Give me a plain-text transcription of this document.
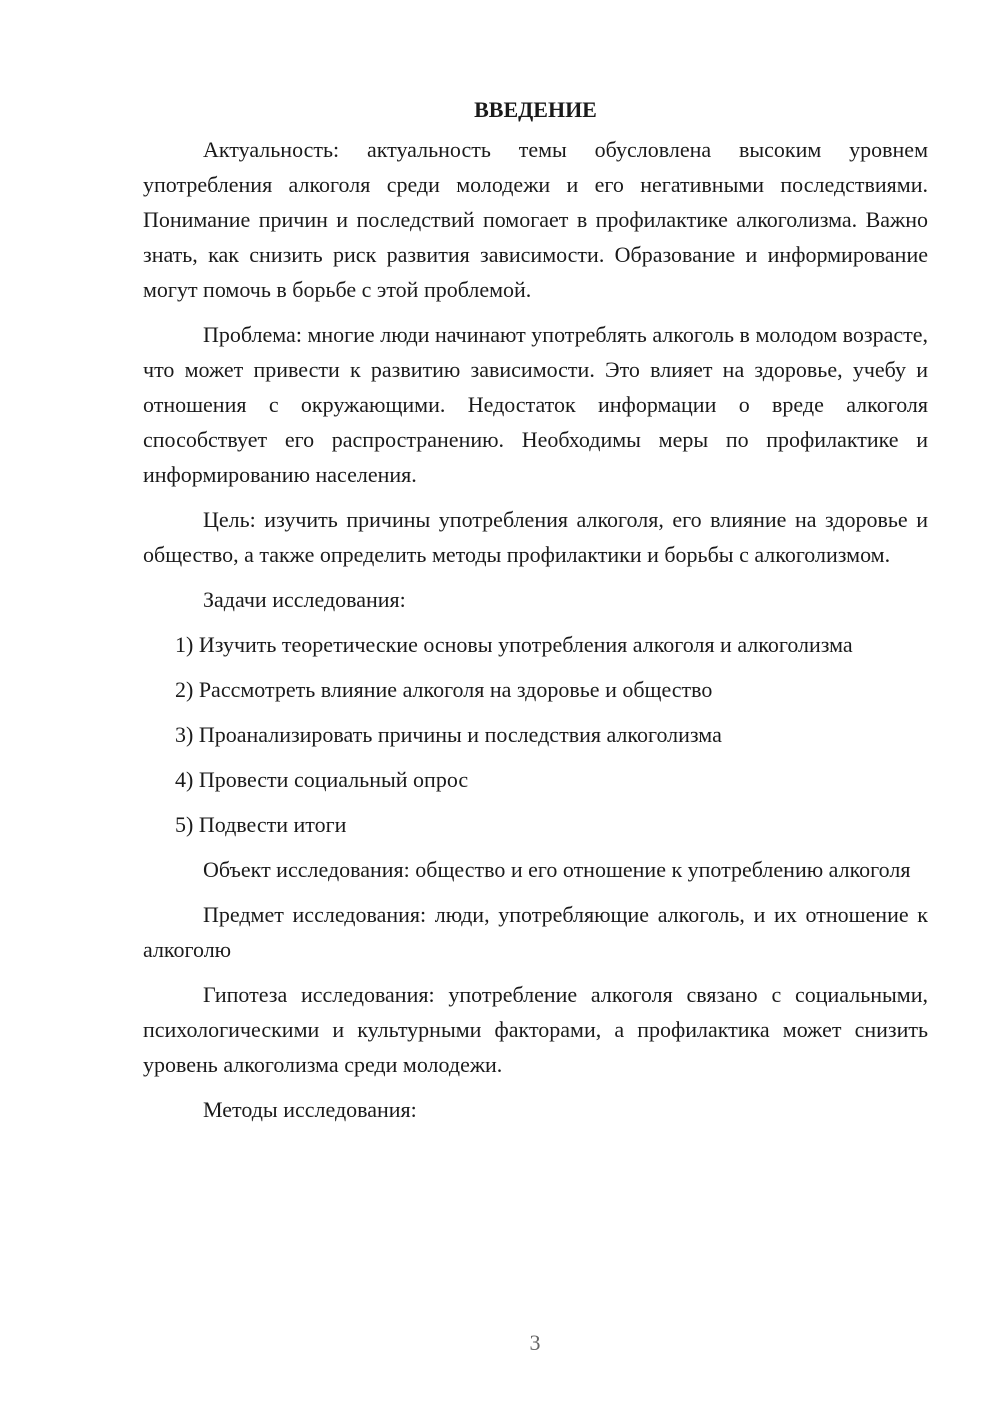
ВВЕДЕНИЕ

Актуальность: актуальность темы обусловлена высоким уровнем употребления алкоголя среди молодежи и его негативными последствиями. Понимание причин и последствий помогает в профилактике алкоголизма. Важно знать, как снизить риск развития зависимости. Образование и информирование могут помочь в борьбе с этой проблемой.

Проблема: многие люди начинают употреблять алкоголь в молодом возрасте, что может привести к развитию зависимости. Это влияет на здоровье, учебу и отношения с окружающими. Недостаток информации о вреде алкоголя способствует его распространению. Необходимы меры по профилактике и информированию населения.

Цель: изучить причины употребления алкоголя, его влияние на здоровье и общество, а также определить методы профилактики и борьбы с алкоголизмом.

Задачи исследования:

1) Изучить теоретические основы употребления алкоголя и алкоголизма

2) Рассмотреть влияние алкоголя на здоровье и общество

3) Проанализировать причины и последствия алкоголизма

4) Провести социальный опрос

5) Подвести итоги

Объект исследования: общество и его отношение к употреблению алкоголя

Предмет исследования: люди, употребляющие алкоголь, и их отношение к алкоголю

Гипотеза исследования: употребление алкоголя связано с социальными, психологическими и культурными факторами, а профилактика может снизить уровень алкоголизма среди молодежи.

Методы исследования:

3
